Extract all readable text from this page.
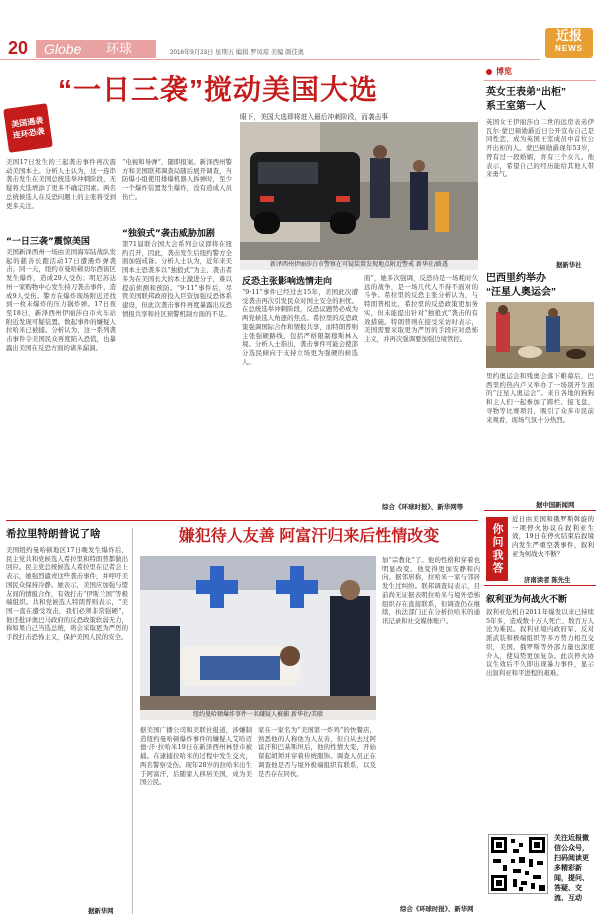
20 Globe 环球	2016年9月23日 星期五 编辑 罗凤琼 美编 颜佳奥
近报
NEWS
美国遇袭
连环恐袭
“一日三袭”搅动美国大选
眼下，美国大选即将进入最后冲刺阶段，而袭击事
美国17日发生的三起袭击事件再次震动美国本土。分析人士认为，这一连串袭击发生在美国总统选举冲刺阶段，无疑将大选增添了更多不确定因素。两名总统候选人在反恐问题上的主张将受到更多关注。
“一日三袭”震惊美国
美国新泽西州一场由美国海军陆战队发起的慈善长跑活动17日遭遇炸弹袭击；同一天，纽约市曼哈顿切尔西街区发生爆炸，造成29人受伤；明尼苏达州一家购物中心发生持刀袭击事件，造成9人受伤。警方在爆炸现场附近还找到一枚未爆炸的压力锅炸弹。17日夜至18日，新泽西州伊丽莎白市火车站附近发现可疑装置。数起事件的嫌疑人拉哈米已被捕。分析认为，这一系列袭击事件令美国民众再度陷入恐慌，也暴露出美国在反恐方面的诸多漏洞。
“电视和导弹”，随即报案。新泽西州警方和美国联邦调查局随后展开调查，当防爆小组使用排爆机器人拆弹时，至少一个爆炸装置发生爆炸，没有造成人员伤亡。
“独狼式”袭击威胁加剧
第71届联合国大会系列会议即将在纽约召开，因此，袭击发生后纽约警方全面加强戒备。分析人士认为，近年来美国本土恐袭多以“独狼式”为主，袭击者多为在美国长大的本土激进分子，难以提前侦测和预防。“9·11”事件后，尽管美国联邦政府投入巨资加强反恐体系建设，但此次袭击事件再度暴露出反恐情报共享和社区预警机制方面的不足。
新泽西州伊丽莎白市警察在可疑装置发现地点附近警戒 新华社/路透
反恐主张影响选情走向
“9·11”事件已经过去15年，美国此次遭受袭击再次引发民众对国土安全的担忧。在总统选举冲刺阶段，反恐议题势必成为两党候选人角逐的焦点。希拉里的反恐政策强调国际合作和情报共享，而特朗普则主张强硬路线，包括严格限制穆斯林入境。分析人士指出，袭击事件可能会使部分选民倾向于支持立场更为强硬的候选人。
面”，她多次强调，反恐待是一场耗时久远的战争，是一场几代人不得不面对的斗争。希拉里的反恐主张分析认为，与特朗普相比，希拉里的反恐政策更加务实，但未能提出针对“独狼式”袭击的有效措施。特朗普则在接受采访时表示，美国需要采取更为严厉的手段应对恐怖主义，并再次强调要加强边境管控。
综合《环球时报》、新华网等
希拉里特朗普说了啥
美国纽约曼哈顿地区17日晚发生爆炸后，民主党共和党候选人希拉里和特朗普都做出回应。民主党总统候选人希拉里在记者会上表示，她强烈谴责这些袭击事件，并呼吁美国民众保持冷静。她表示，美国应加强与盟友间的情报合作，有效打击“伊斯兰国”等极端组织。共和党候选人特朗普则表示，“美国一直在遭受攻击，我们必须非常强硬”，他还批评奥巴马政府的反恐政策软弱无力，称如果自己当选总统，将会采取更为严厉的手段打击恐怖主义，保护美国人民的安全。
据新华网
嫌犯待人友善 阿富汗归来后性情改变
纽约曼哈顿爆炸事件一名嫌疑人被捕 新华社/美联
据美国广播公司和美联社报道，涉嫌制造纽约曼哈顿爆炸事件的嫌疑人艾哈迈德·汗·拉哈米19日在新泽西州林登市被捕。在逮捕拉哈米的过程中发生交火，两名警察受伤。现年28岁的拉哈米出生于阿富汗，后随家人移居美国，成为美国公民。
家在一家名为“美国第一炸鸡”的快餐店，熟悉他的人称他为人友善，但自从去过阿富汗和巴基斯坦后，他的性情大变，开始留起胡须并穿着传统服饰。调查人员正在调查他是否与境外极端组织有联系，以及是否存在同伙。
加“宗教化”了。他的性格和穿着也明显改变。他变得更加安静和内向。据邻居称，拉哈米一家与邻居发生过纠纷。联邦调查局表示，目前尚无证据表明拉哈米与境外恐怖组织存在直接联系，但调查仍在继续，执法部门正在分析拉哈米的通讯记录和社交媒体账户。
综合《环球时报》、新华网
博览
英女王表弟“出柜”
系王室第一人
英国女王伊丽莎白二世的远房表弟伊瓦尔·蒙巴顿勋爵近日公开宣布自己是同性恋，成为英国王室成员中首位公开出柜的人。蒙巴顿勋爵现年53岁，曾有过一段婚姻，育有三个女儿。他表示，希望自己的经历能给其他人带来勇气。
据新华社
巴西里约举办
“汪星人奥运会”
里约奥运会和残奥会落下帷幕后，巴西里约热内卢又举办了一场别开生面的“汪星人奥运会”。来自各地的狗狗和主人们一起参加了跨栏、接飞盘、寻物等比赛项目，吸引了众多市民前来观看，现场气氛十分热烈。
据中国新闻网
你问我答
近日由美国和俄罗斯斡旋的一项停火协议在叙利亚生效，19日在停火结束后叙境内发生严重空袭事件，叙利亚为何战火不断？
济南读者 陈先生
叙利亚为何战火不断
叙利亚危机自2011年爆发以来已持续5年多，造成数十万人死亡、数百万人沦为难民。叙利亚境内政府军、反对派武装和极端组织等多方势力相互交织，美国、俄罗斯等外部力量也深度介入，使局势更加复杂。此次停火协议生效后不久即出现暴力事件，显示出叙利亚和平进程的艰难。
关注近报微信公众号，扫码阅读更多精彩新闻，提问、答疑、交流、互动
